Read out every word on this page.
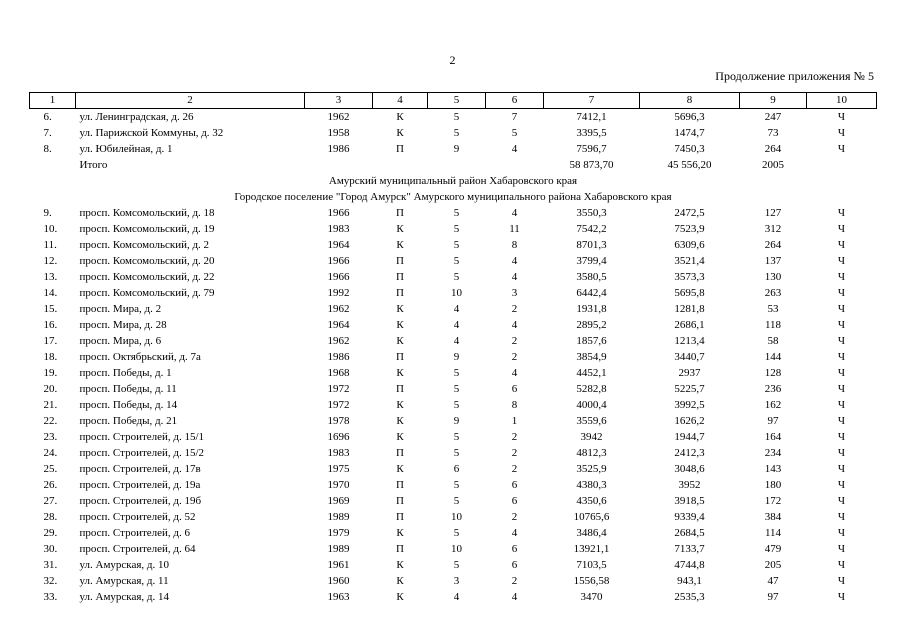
2
Продолжение приложения № 5
1	2	3	4	5	6	7	8	9	10
6.	ул. Ленинградская, д. 26	1962	К	5	7	7412,1	5696,3	247	Ч
7.	ул. Парижской Коммуны, д. 32	1958	К	5	5	3395,5	1474,7	73	Ч
8.	ул. Юбилейная, д. 1	1986	П	9	4	7596,7	7450,3	264	Ч
	Итого					58 873,70	45 556,20	2005	
Амурский муниципальный район Хабаровского края									
Городское поселение "Город Амурск" Амурского муниципального района Хабаровского края									
9.	просп. Комсомольский, д. 18	1966	П	5	4	3550,3	2472,5	127	Ч
10.	просп. Комсомольский, д. 19	1983	К	5	11	7542,2	7523,9	312	Ч
11.	просп. Комсомольский, д. 2	1964	К	5	8	8701,3	6309,6	264	Ч
12.	просп. Комсомольский, д. 20	1966	П	5	4	3799,4	3521,4	137	Ч
13.	просп. Комсомольский, д. 22	1966	П	5	4	3580,5	3573,3	130	Ч
14.	просп. Комсомольский, д. 79	1992	П	10	3	6442,4	5695,8	263	Ч
15.	просп. Мира, д. 2	1962	К	4	2	1931,8	1281,8	53	Ч
16.	просп. Мира, д. 28	1964	К	4	4	2895,2	2686,1	118	Ч
17.	просп. Мира, д. 6	1962	К	4	2	1857,6	1213,4	58	Ч
18.	просп. Октябрьский, д. 7а	1986	П	9	2	3854,9	3440,7	144	Ч
19.	просп. Победы, д. 1	1968	К	5	4	4452,1	2937	128	Ч
20.	просп. Победы, д. 11	1972	П	5	6	5282,8	5225,7	236	Ч
21.	просп. Победы, д. 14	1972	К	5	8	4000,4	3992,5	162	Ч
22.	просп. Победы, д. 21	1978	К	9	1	3559,6	1626,2	97	Ч
23.	просп. Строителей, д. 15/1	1696	К	5	2	3942	1944,7	164	Ч
24.	просп. Строителей, д. 15/2	1983	П	5	2	4812,3	2412,3	234	Ч
25.	просп. Строителей, д. 17в	1975	К	6	2	3525,9	3048,6	143	Ч
26.	просп. Строителей, д. 19а	1970	П	5	6	4380,3	3952	180	Ч
27.	просп. Строителей, д. 19б	1969	П	5	6	4350,6	3918,5	172	Ч
28.	просп. Строителей, д. 52	1989	П	10	2	10765,6	9339,4	384	Ч
29.	просп. Строителей, д. 6	1979	К	5	4	3486,4	2684,5	114	Ч
30.	просп. Строителей, д. 64	1989	П	10	6	13921,1	7133,7	479	Ч
31.	ул. Амурская, д. 10	1961	К	5	6	7103,5	4744,8	205	Ч
32.	ул. Амурская, д. 11	1960	К	3	2	1556,58	943,1	47	Ч
33.	ул. Амурская, д. 14	1963	К	4	4	3470	2535,3	97	Ч
